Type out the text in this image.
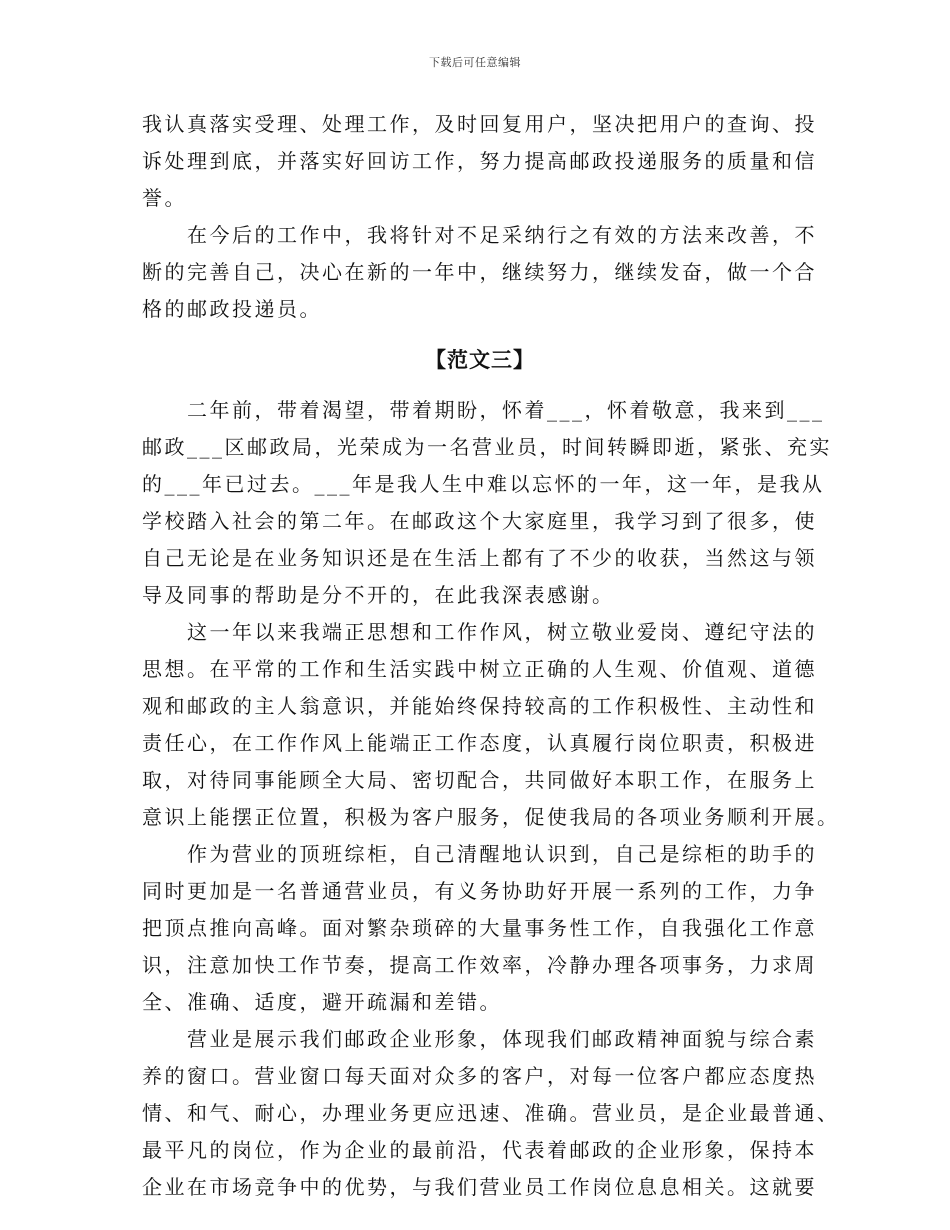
下载后可任意编辑
我认真落实受理、处理工作，及时回复用户，坚决把用户的查询、投
诉处理到底，并落实好回访工作，努力提高邮政投递服务的质量和信
誉。
在今后的工作中，我将针对不足采纳行之有效的方法来改善，不
断的完善自己，决心在新的一年中，继续努力，继续发奋，做一个合
格的邮政投递员。
【范文三】
二年前，带着渴望，带着期盼，怀着___，怀着敬意，我来到___
邮政___区邮政局，光荣成为一名营业员，时间转瞬即逝，紧张、充实
的___年已过去。___年是我人生中难以忘怀的一年，这一年，是我从
学校踏入社会的第二年。在邮政这个大家庭里，我学习到了很多，使
自己无论是在业务知识还是在生活上都有了不少的收获，当然这与领
导及同事的帮助是分不开的，在此我深表感谢。
这一年以来我端正思想和工作作风，树立敬业爱岗、遵纪守法的
思想。在平常的工作和生活实践中树立正确的人生观、价值观、道德
观和邮政的主人翁意识，并能始终保持较高的工作积极性、主动性和
责任心，在工作作风上能端正工作态度，认真履行岗位职责，积极进
取，对待同事能顾全大局、密切配合，共同做好本职工作，在服务上
意识上能摆正位置，积极为客户服务，促使我局的各项业务顺利开展。
作为营业的顶班综柜，自己清醒地认识到，自己是综柜的助手的
同时更加是一名普通营业员，有义务协助好开展一系列的工作，力争
把顶点推向高峰。面对繁杂琐碎的大量事务性工作，自我强化工作意
识，注意加快工作节奏，提高工作效率，冷静办理各项事务，力求周
全、准确、适度，避开疏漏和差错。
营业是展示我们邮政企业形象，体现我们邮政精神面貌与综合素
养的窗口。营业窗口每天面对众多的客户，对每一位客户都应态度热
情、和气、耐心，办理业务更应迅速、准确。营业员，是企业最普通、
最平凡的岗位，作为企业的最前沿，代表着邮政的企业形象，保持本
企业在市场竞争中的优势，与我们营业员工作岗位息息相关。这就要
